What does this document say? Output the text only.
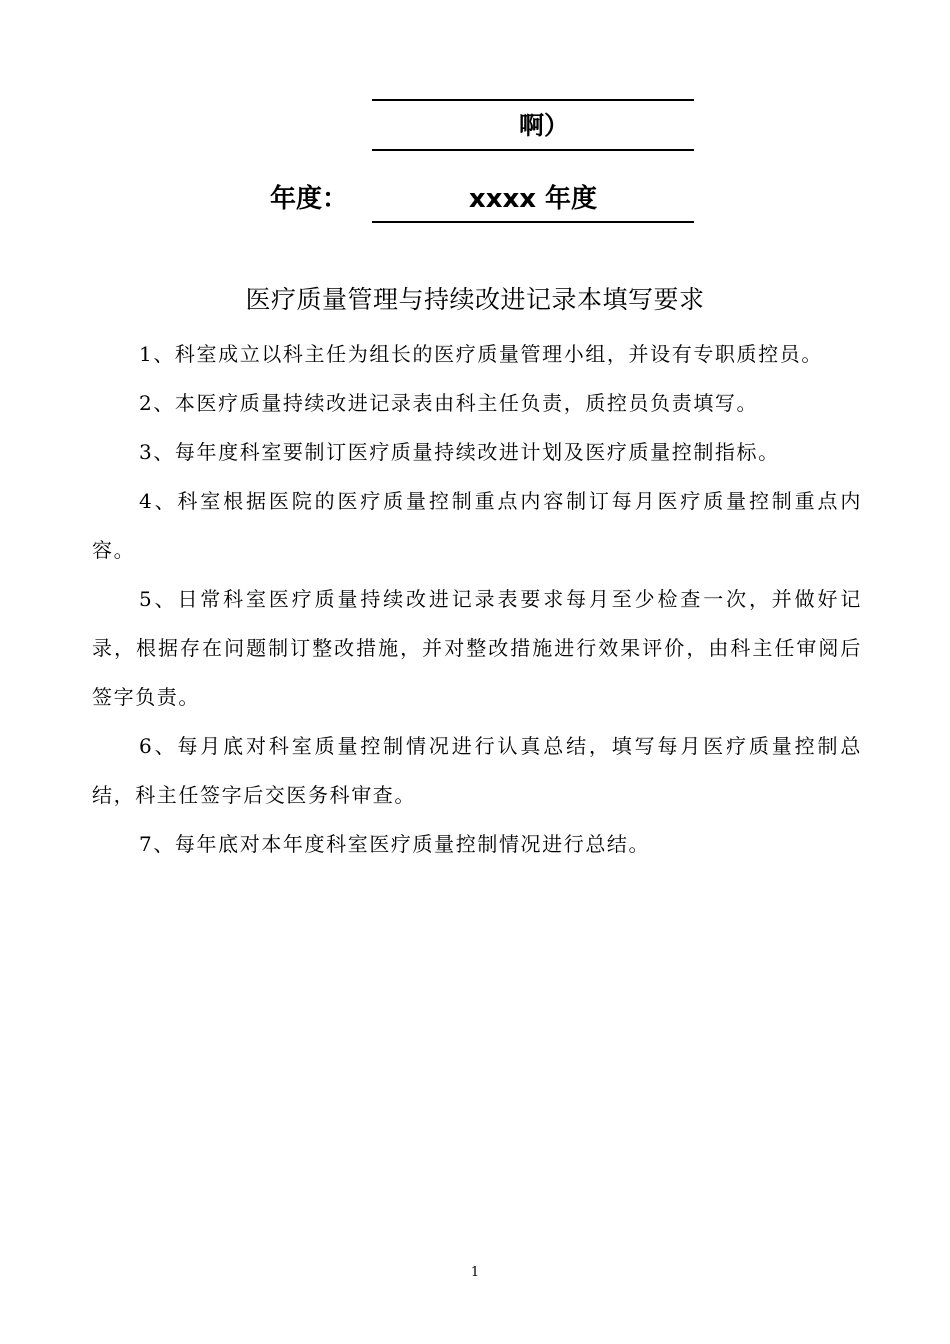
啊）
年度：	xxxx 年度
医疗质量管理与持续改进记录本填写要求
1、科室成立以科主任为组长的医疗质量管理小组，并设有专职质控员。
2、本医疗质量持续改进记录表由科主任负责，质控员负责填写。
3、每年度科室要制订医疗质量持续改进计划及医疗质量控制指标。
4、科室根据医院的医疗质量控制重点内容制订每月医疗质量控制重点内容。
5、日常科室医疗质量持续改进记录表要求每月至少检查一次，并做好记录，根据存在问题制订整改措施，并对整改措施进行效果评价，由科主任审阅后签字负责。
6、每月底对科室质量控制情况进行认真总结，填写每月医疗质量控制总结，科主任签字后交医务科审查。
7、每年底对本年度科室医疗质量控制情况进行总结。
1
